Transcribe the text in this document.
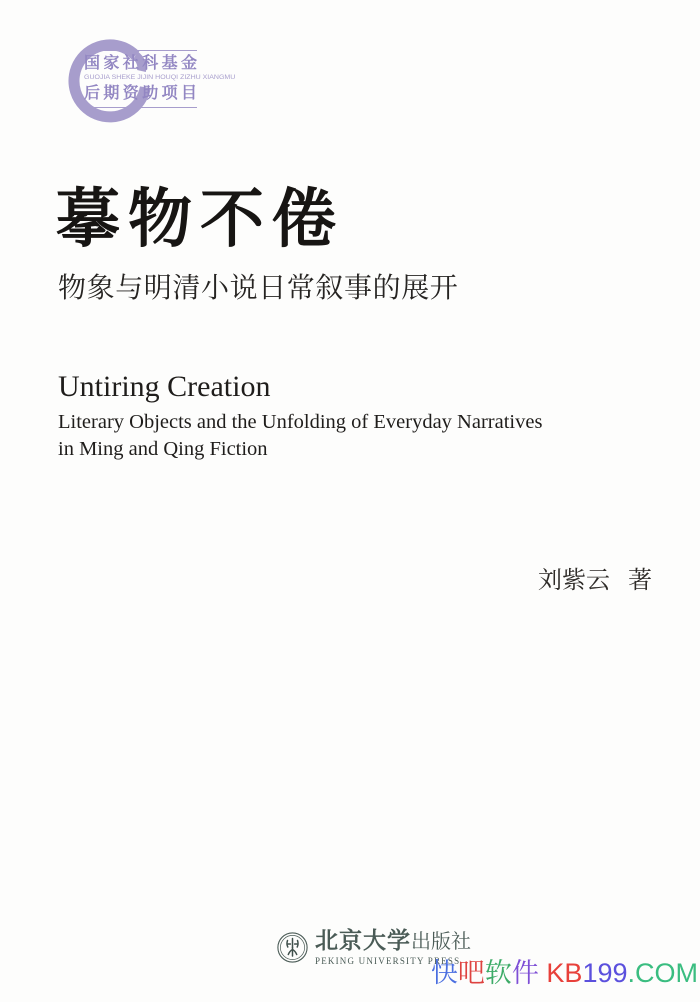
国家社科基金
GUOJIA SHEKE JIJIN HOUQI ZIZHU XIANGMU
后期资助项目
摹物不倦
物象与明清小说日常叙事的展开
Untiring Creation
Literary Objects and the Unfolding of Everyday Narratives
in Ming and Qing Fiction
刘紫云 著
北京大学出版社
PEKING UNIVERSITY PRESS
快吧软件 KB199.COM
